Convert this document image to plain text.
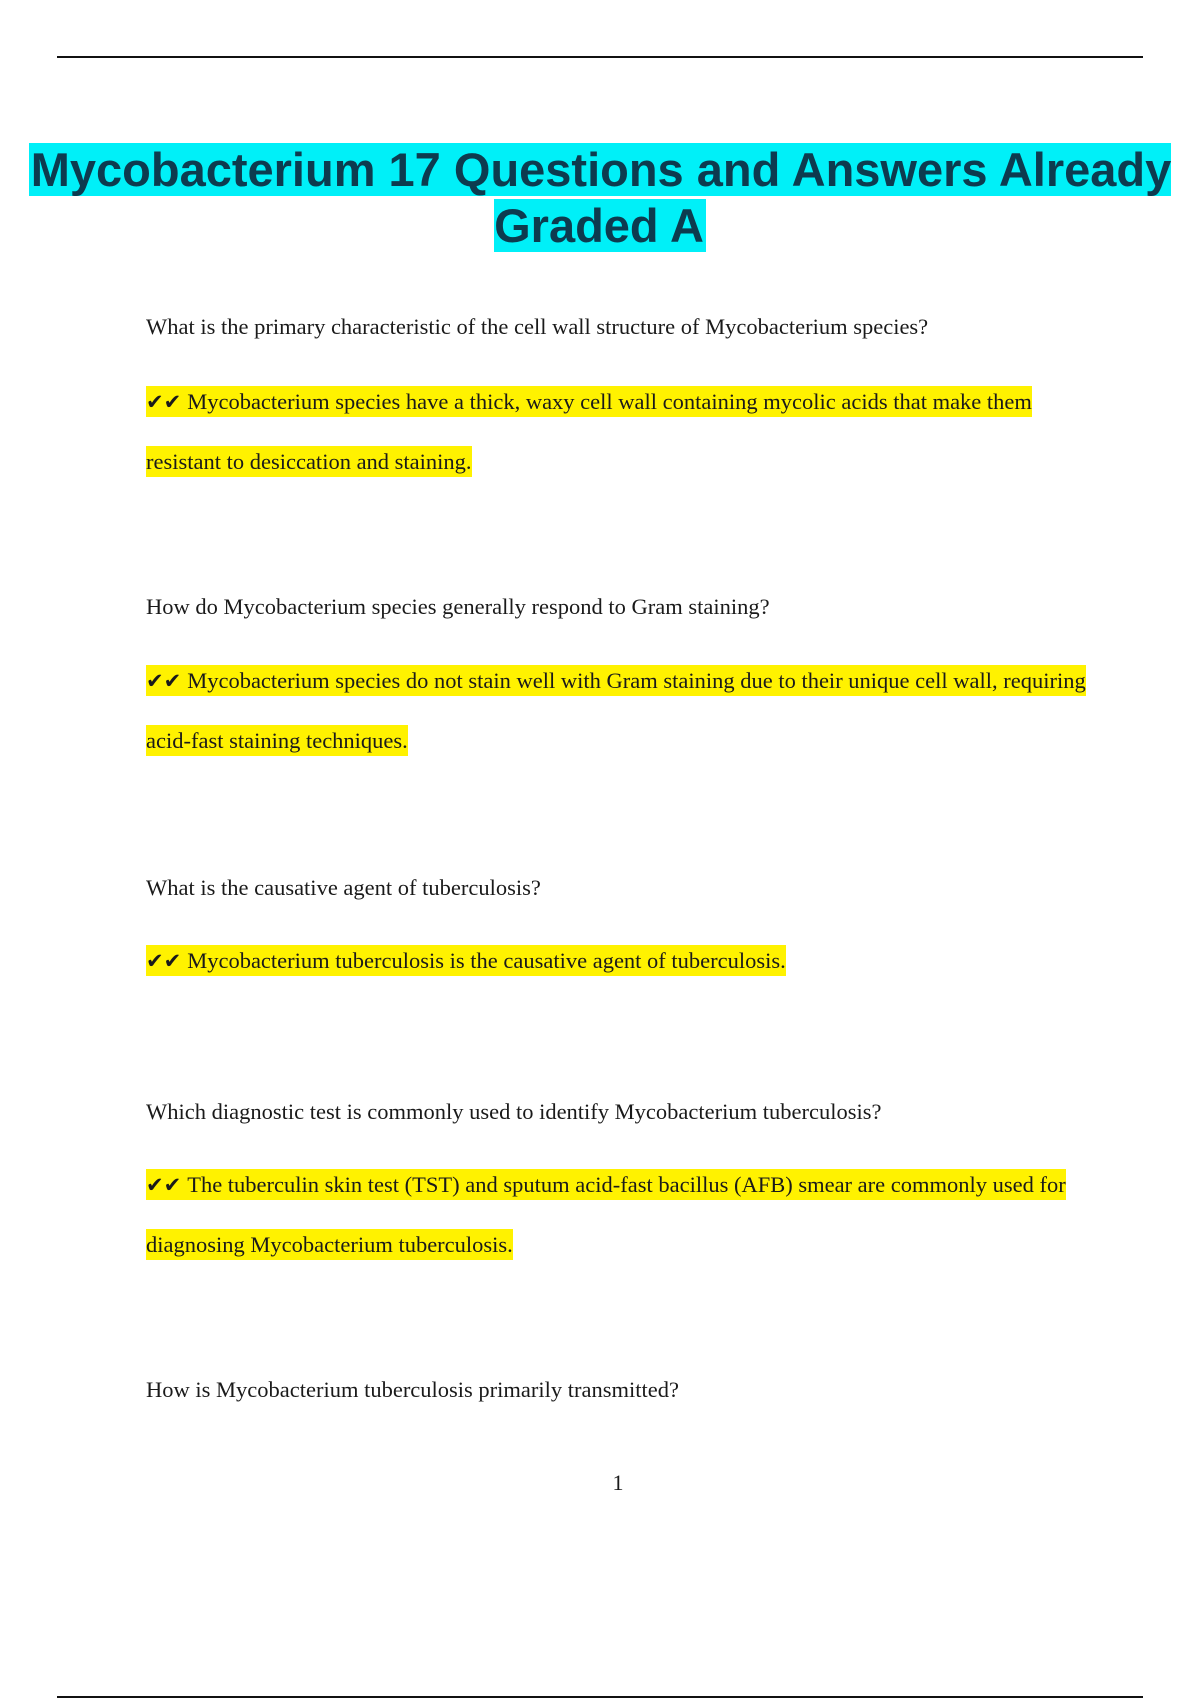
Mycobacterium 17 Questions and Answers Already Graded A
What is the primary characteristic of the cell wall structure of Mycobacterium species?
✔✔ Mycobacterium species have a thick, waxy cell wall containing mycolic acids that make them resistant to desiccation and staining.
How do Mycobacterium species generally respond to Gram staining?
✔✔ Mycobacterium species do not stain well with Gram staining due to their unique cell wall, requiring acid-fast staining techniques.
What is the causative agent of tuberculosis?
✔✔ Mycobacterium tuberculosis is the causative agent of tuberculosis.
Which diagnostic test is commonly used to identify Mycobacterium tuberculosis?
✔✔ The tuberculin skin test (TST) and sputum acid-fast bacillus (AFB) smear are commonly used for diagnosing Mycobacterium tuberculosis.
How is Mycobacterium tuberculosis primarily transmitted?
1
